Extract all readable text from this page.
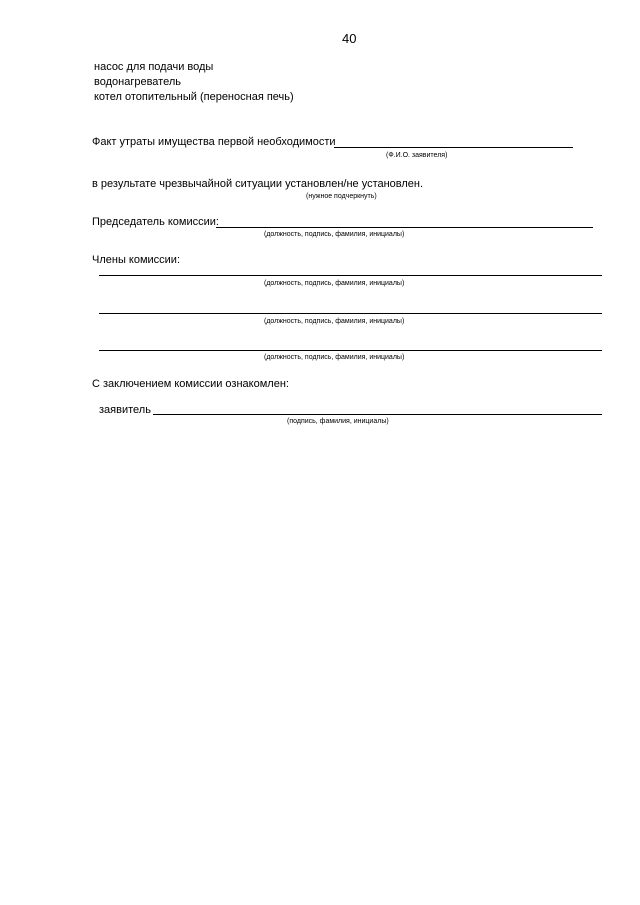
40
насос для подачи воды
водонагреватель
котел отопительный (переносная печь)
Факт утраты имущества первой необходимости
(Ф.И.О. заявителя)
в результате чрезвычайной ситуации установлен/не установлен.
(нужное подчеркнуть)
Председатель комиссии:
(должность, подпись, фамилия, инициалы)
Члены комиссии:
(должность, подпись, фамилия, инициалы)
(должность, подпись, фамилия, инициалы)
(должность, подпись, фамилия, инициалы)
С заключением комиссии ознакомлен:
заявитель
(подпись, фамилия, инициалы)
